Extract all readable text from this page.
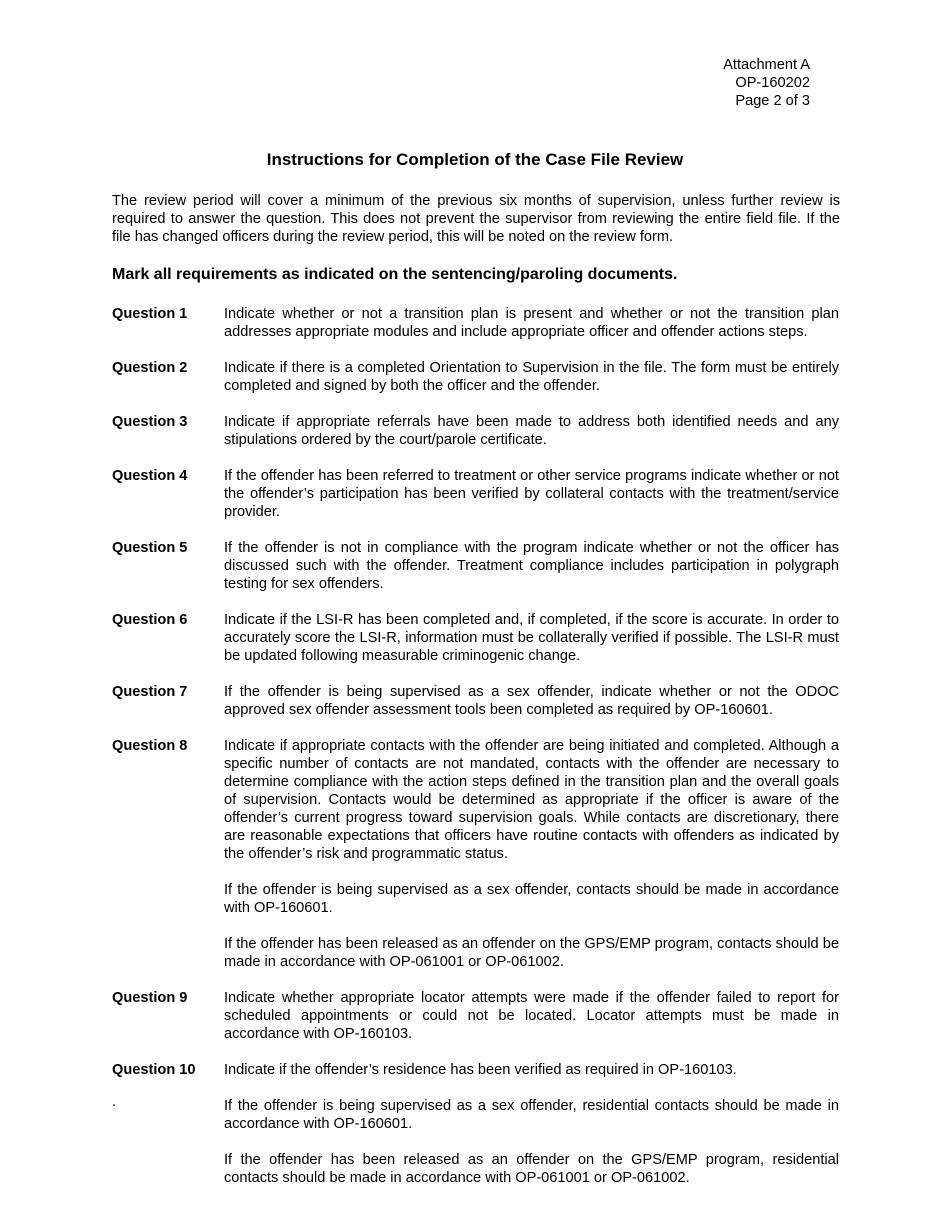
Attachment A
OP-160202
Page 2 of 3
Instructions for Completion of the Case File Review
The review period will cover a minimum of the previous six months of supervision, unless further review is required to answer the question. This does not prevent the supervisor from reviewing the entire field file. If the file has changed officers during the review period, this will be noted on the review form.
Mark all requirements as indicated on the sentencing/paroling documents.
Question 1	Indicate whether or not a transition plan is present and whether or not the transition plan addresses appropriate modules and include appropriate officer and offender actions steps.

Question 2	Indicate if there is a completed Orientation to Supervision in the file. The form must be entirely completed and signed by both the officer and the offender.

Question 3	Indicate if appropriate referrals have been made to address both identified needs and any stipulations ordered by the court/parole certificate.

Question 4	If the offender has been referred to treatment or other service programs indicate whether or not the offender’s participation has been verified by collateral contacts with the treatment/service provider.

Question 5	If the offender is not in compliance with the program indicate whether or not the officer has discussed such with the offender. Treatment compliance includes participation in polygraph testing for sex offenders.

Question 6	Indicate if the LSI-R has been completed and, if completed, if the score is accurate. In order to accurately score the LSI-R, information must be collaterally verified if possible. The LSI-R must be updated following measurable criminogenic change.

Question 7	If the offender is being supervised as a sex offender, indicate whether or not the ODOC approved sex offender assessment tools been completed as required by OP-160601.

Question 8	Indicate if appropriate contacts with the offender are being initiated and completed. Although a specific number of contacts are not mandated, contacts with the offender are necessary to determine compliance with the action steps defined in the transition plan and the overall goals of supervision. Contacts would be determined as appropriate if the officer is aware of the offender’s current progress toward supervision goals. While contacts are discretionary, there are reasonable expectations that officers have routine contacts with offenders as indicated by the offender’s risk and programmatic status.

If the offender is being supervised as a sex offender, contacts should be made in accordance with OP-160601.

If the offender has been released as an offender on the GPS/EMP program, contacts should be made in accordance with OP-061001 or OP-061002.

Question 9	Indicate whether appropriate locator attempts were made if the offender failed to report for scheduled appointments or could not be located. Locator attempts must be made in accordance with OP-160103.

Question 10	Indicate if the offender’s residence has been verified as required in OP-160103.

If the offender is being supervised as a sex offender, residential contacts should be made in accordance with OP-160601.

If the offender has been released as an offender on the GPS/EMP program, residential contacts should be made in accordance with OP-061001 or OP-061002.

.
